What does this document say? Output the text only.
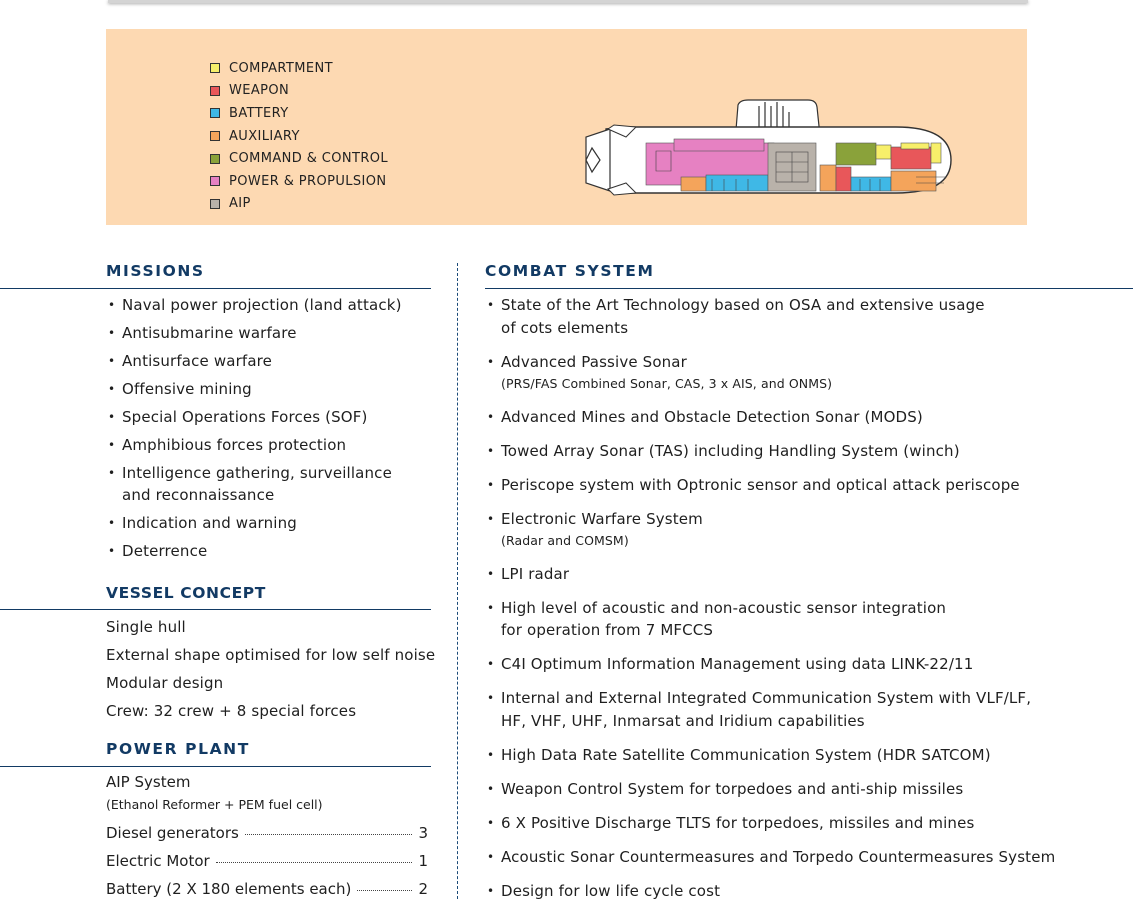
COMPARTMENT
WEAPON
BATTERY
AUXILIARY
COMMAND & CONTROL
POWER & PROPULSION
AIP
MISSIONS
• Naval power projection (land attack)
• Antisubmarine warfare
• Antisurface warfare
• Offensive mining
• Special Operations Forces (SOF)
• Amphibious forces protection
• Intelligence gathering, surveillance and reconnaissance
• Indication and warning
• Deterrence
VESSEL CONCEPT
Single hull
External shape optimised for low self noise
Modular design
Crew: 32 crew + 8 special forces
POWER PLANT
AIP System
(Ethanol Reformer + PEM fuel cell)
Diesel generators	3
Electric Motor	1
Battery (2 X 180 elements each)	2
COMBAT SYSTEM
• State of the Art Technology based on OSA and extensive usage
of cots elements
• Advanced Passive Sonar
(PRS/FAS Combined Sonar, CAS, 3 x AIS, and ONMS)
• Advanced Mines and Obstacle Detection Sonar (MODS)
• Towed Array Sonar (TAS) including Handling System (winch)
• Periscope system with Optronic sensor and optical attack periscope
• Electronic Warfare System
(Radar and COMSM)
• LPI radar
• High level of acoustic and non-acoustic sensor integration
for operation from 7 MFCCS
• C4I Optimum Information Management using data LINK-22/11
• Internal and External Integrated Communication System with VLF/LF,
HF, VHF, UHF, Inmarsat and Iridium capabilities
• High Data Rate Satellite Communication System (HDR SATCOM)
• Weapon Control System for torpedoes and anti-ship missiles
• 6 X Positive Discharge TLTS for torpedoes, missiles and mines
• Acoustic Sonar Countermeasures and Torpedo Countermeasures System
• Design for low life cycle cost
